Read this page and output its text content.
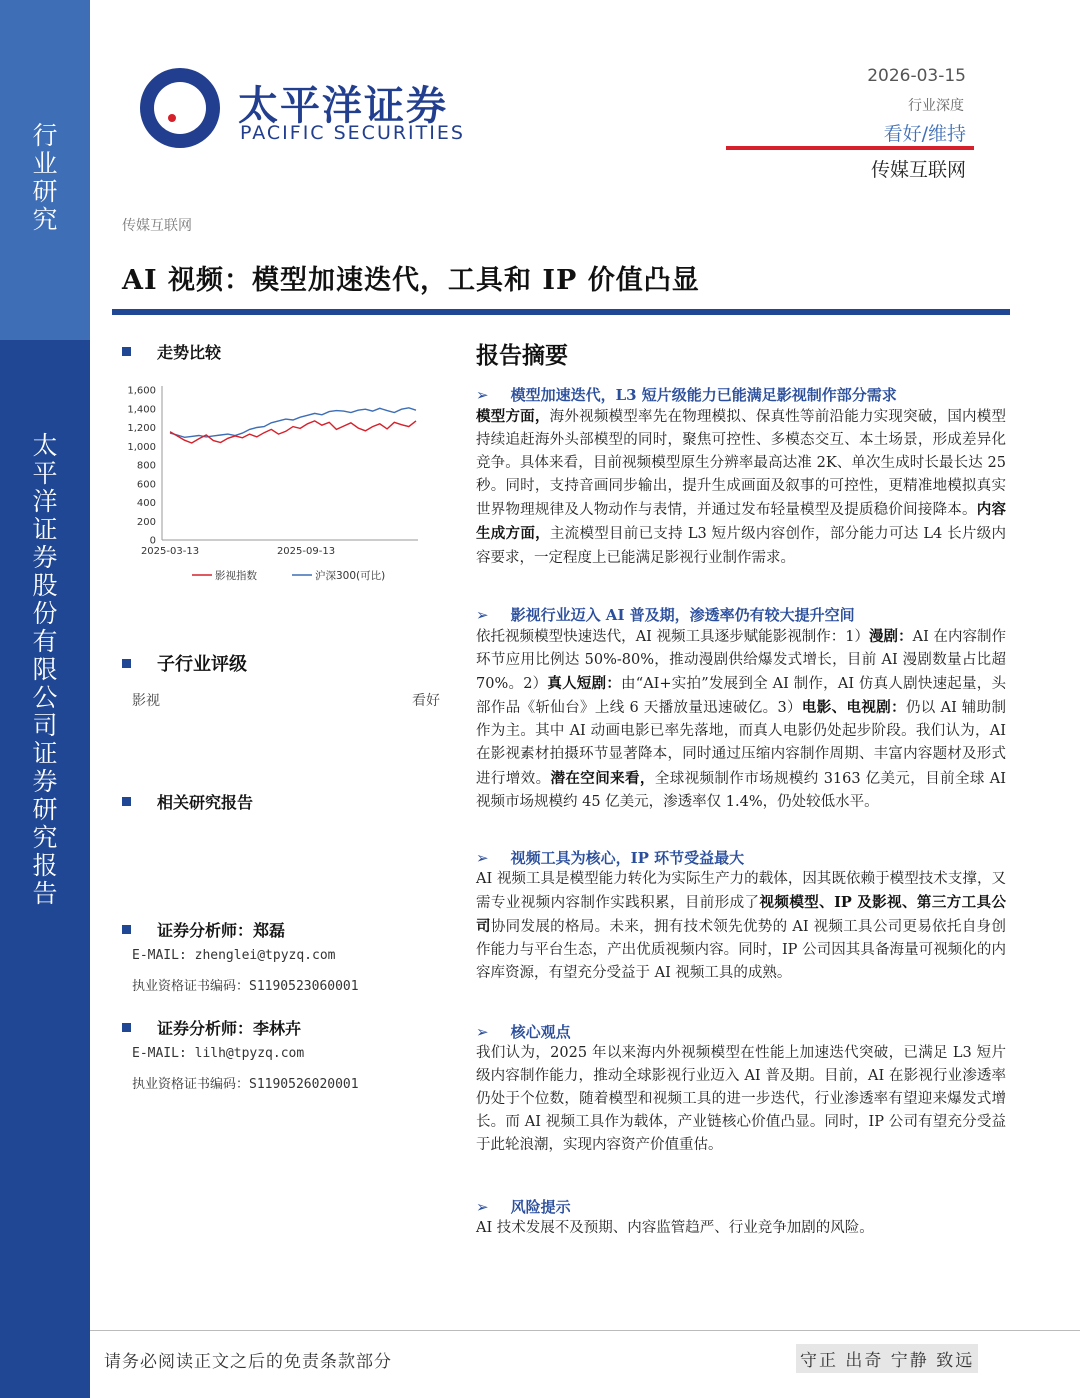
行
业
研
究
太
平
洋
证
券
股
份
有
限
公
司
证
券
研
究
报
告
太平洋证券
PACIFIC SECURITIES
2026-03-15
行业深度
看好/维持
传媒互联网
传媒互联网
AI 视频：模型加速迭代，工具和 IP 价值凸显
走势比较
0
200
400
600
800
1,000
1,200
1,400
1,600
2025-03-13	2025-09-13
影视指数	沪深300(可比)
子行业评级
影视	看好
相关研究报告
证券分析师：郑磊
E-MAIL: zhenglei@tpyzq.com
执业资格证书编码：S1190523060001
证券分析师：李林卉
E-MAIL: lilh@tpyzq.com
执业资格证书编码：S1190526020001
报告摘要
➢ 模型加速迭代，L3 短片级能力已能满足影视制作部分需求
模型方面，海外视频模型率先在物理模拟、保真性等前沿能力实现突破，国内模型持续追赶海外头部模型的同时，聚焦可控性、多模态交互、本土场景，形成差异化竞争。具体来看，目前视频模型原生分辨率最高达准 2K、单次生成时长最长达 25 秒。同时，支持音画同步输出，提升生成画面及叙事的可控性，更精准地模拟真实世界物理规律及人物动作与表情，并通过发布轻量模型及提质稳价间接降本。内容生成方面，主流模型目前已支持 L3 短片级内容创作，部分能力可达 L4 长片级内容要求，一定程度上已能满足影视行业制作需求。
➢ 影视行业迈入 AI 普及期，渗透率仍有较大提升空间
依托视频模型快速迭代，AI 视频工具逐步赋能影视制作：1）漫剧：AI 在内容制作环节应用比例达 50%-80%，推动漫剧供给爆发式增长，目前 AI 漫剧数量占比超 70%。2）真人短剧：由“AI+实拍”发展到全 AI 制作，AI 仿真人剧快速起量，头部作品《斩仙台》上线 6 天播放量迅速破亿。3）电影、电视剧：仍以 AI 辅助制作为主。其中 AI 动画电影已率先落地，而真人电影仍处起步阶段。我们认为，AI 在影视素材拍摄环节显著降本，同时通过压缩内容制作周期、丰富内容题材及形式进行增效。潜在空间来看，全球视频制作市场规模约 3163 亿美元，目前全球 AI 视频市场规模约 45 亿美元，渗透率仅 1.4%，仍处较低水平。
➢ 视频工具为核心，IP 环节受益最大
AI 视频工具是模型能力转化为实际生产力的载体，因其既依赖于模型技术支撑，又需专业视频内容制作实践积累，目前形成了视频模型、IP 及影视、第三方工具公司协同发展的格局。未来，拥有技术领先优势的 AI 视频工具公司更易依托自身创作能力与平台生态，产出优质视频内容。同时，IP 公司因其具备海量可视频化的内容库资源，有望充分受益于 AI 视频工具的成熟。
➢ 核心观点
我们认为，2025 年以来海内外视频模型在性能上加速迭代突破，已满足 L3 短片级内容制作能力，推动全球影视行业迈入 AI 普及期。目前，AI 在影视行业渗透率仍处于个位数，随着模型和视频工具的进一步迭代，行业渗透率有望迎来爆发式增长。而 AI 视频工具作为载体，产业链核心价值凸显。同时，IP 公司有望充分受益于此轮浪潮，实现内容资产价值重估。
➢ 风险提示
AI 技术发展不及预期、内容监管趋严、行业竞争加剧的风险。
请务必阅读正文之后的免责条款部分	守正 出奇 宁静 致远
